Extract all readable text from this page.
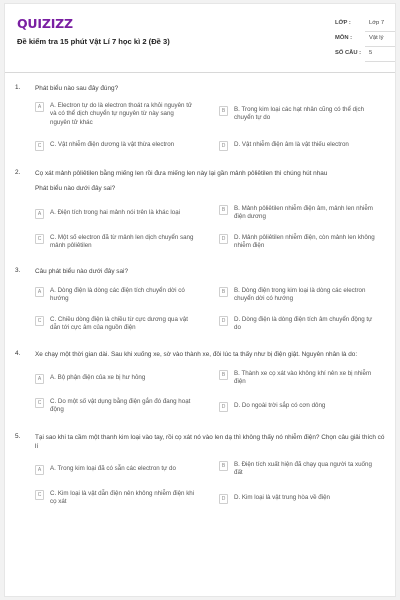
QUIZIZZ
Đề kiểm tra 15 phút Vật Lí 7 học kì 2 (Đề 3)
LỚP :	Lớp 7
MÔN :	Vật lý
SỐ CÂU : 5
1. Phát biểu nào sau đây đúng?
A	A. Electron tự do là electron thoát ra khỏi nguyên tử và có thể dịch chuyển tự nguyên từ này sang nguyên tử khác
B	B. Trong kim loại các hạt nhân cũng có thể dịch chuyển tự do
C	C. Vật nhiễm điện dương là vật thừa electron	D	D. Vật nhiễm điện âm là vật thiếu electron
2. Cọ xát mảnh pôliêtilen bằng miếng len rồi đưa miếng len này lại gần mảnh pôliêtilen thì chúng hút nhau
Phát biểu nào dưới đây sai?
A	A. Điện tích trong hai mảnh nói trên là khác loại	B	B. Mảnh pôliêtilen nhiễm điện âm, mảnh len nhiễm điện dương
C	C. Một số electron đã từ mảnh len dịch chuyển sang mảnh pôliêtilen
D	D. Mảnh pôliêtilen nhiễm điện, còn mảnh len không nhiễm điện
3. Câu phát biểu nào dưới đây sai?
A	A. Dòng điện là dòng các điện tích chuyển dời có hướng
B	B. Dòng điện trong kim loại là dòng các electron chuyển dời có hướng
C	C. Chiều dòng điện là chiều từ cực dương qua vật dẫn tới cực âm của nguồn điện
D	D. Dòng điện là dòng điện tích âm chuyển động tự do
4. Xe chạy một thời gian dài. Sau khi xuống xe, sờ vào thành xe, đôi lúc ta thấy như bị điện giật. Nguyên nhân là do:
A	A. Bộ phận điện của xe bị hư hỏng	B	B. Thành xe cọ xát vào không khí nên xe bị nhiễm điện
C	C. Do một số vật dụng bằng điện gắn đó đang hoạt động	D	D. Do ngoài trời sắp có cơn dông
5. Tại sao khi ta cầm một thanh kim loại vào tay, rồi cọ xát nó vào len dạ thì không thấy nó nhiễm điện? Chọn câu giải thích có lí
A	A. Trong kim loại đã có sẵn các electron tự do	B	B. Điện tích xuất hiện đã chạy qua người ta xuống đất
C	C. Kim loại là vật dẫn điện nên không nhiễm điện khi cọ xát	D	D. Kim loại là vật trung hòa về điện
